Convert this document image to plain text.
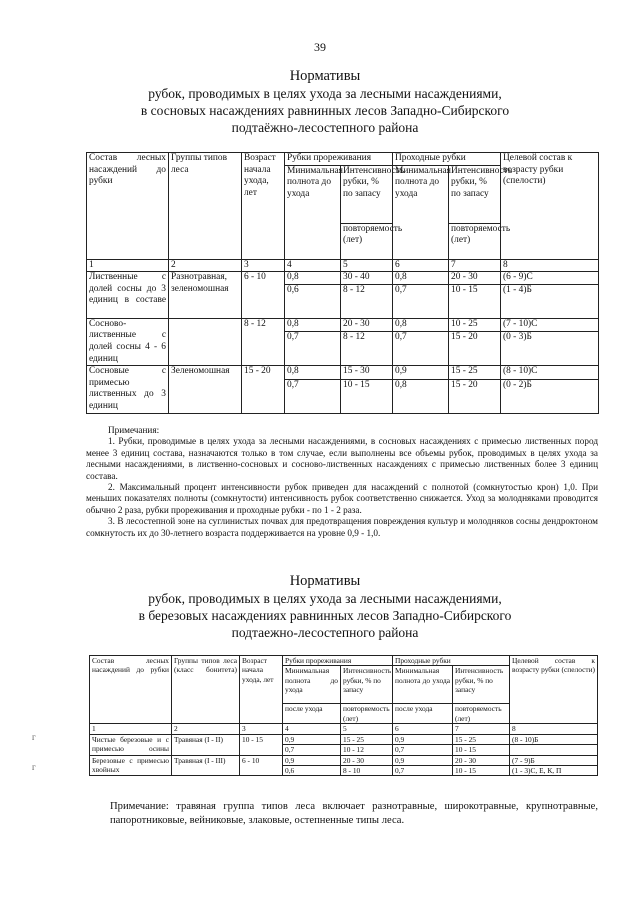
39
Нормативы
рубок, проводимых в целях ухода за лесными насаждениями,
в сосновых насаждениях равнинных лесов Западно-Сибирского
подтаёжно-лесостепного района
Состав лесных насаждений до рубки	Группы типов леса	Возраст начала ухода, лет	Рубки прореживания		Проходные рубки		Целевой состав к возрасту рубки (спелости)
			Минимальная полнота до ухода	Интенсивность рубки, % по запасу	Минимальная полнота до ухода	Интенсивность рубки, % по запасу	
				повторяемость (лет)		повторяемость (лет)	
1	2	3	4	5	6	7	8
Лиственные с долей сосны до 3 единиц в составе	Разнотравная, зеленомошная	6 - 10	0,8	30 - 40	0,8	20 - 30	(6 - 9)С
			0,6	8 - 12	0,7	10 - 15	(1 - 4)Б
Сосново-лиственные с долей сосны 4 - 6 единиц		8 - 12	0,8	20 - 30	0,8	10 - 25	(7 - 10)С
			0,7	8 - 12	0,7	15 - 20	(0 - 3)Б
Сосновые с примесью лиственных до 3 единиц	Зеленомошная	15 - 20	0,8	15 - 30	0,9	15 - 25	(8 - 10)С
			0,7	10 - 15	0,8	15 - 20	(0 - 2)Б

Примечания:

1. Рубки, проводимые в целях ухода за лесными насаждениями, в сосновых насаждениях с примесью лиственных пород менее 3 единиц состава, назначаются только в том случае, если выполнены все объемы рубок, проводимых в целях ухода за лесными насаждениями, в лиственно-сосновых и сосново-лиственных насаждениях с примесью лиственных более 3 единиц состава.

2. Максимальный процент интенсивности рубок приведен для насаждений с полнотой (сомкнутостью крон) 1,0. При меньших показателях полноты (сомкнутости) интенсивность рубок соответственно снижается. Уход за молодняками проводится обычно 2 раза, рубки прореживания и проходные рубки - по 1 - 2 раза.

3. В лесостепной зоне на суглинистых почвах для предотвращения повреждения культур и молодняков сосны дендроктоном сомкнутость их до 30-летнего возраста поддерживается на уровне 0,9 - 1,0.

Нормативы
рубок, проводимых в целях ухода за лесными насаждениями,
в березовых насаждениях равнинных лесов Западно-Сибирского
подтаежно-лесостепного района
Состав лесных насаждений до рубки	Группы типов леса (класс бонитета)	Возраст начала ухода, лет	Рубки прореживания		Проходные рубки		Целевой состав к возрасту рубки (спелости)
			Минимальная полнота до ухода	Интенсивность рубки, % по запасу	Минимальная полнота до ухода	Интенсивность рубки, % по запасу	
			после ухода	повторяемость (лет)	после ухода	повторяемость (лет)	
1	2	3	4	5	6	7	8
Чистые березовые и с примесью осины	Травяная (I - II)	10 - 15	0,9	15 - 25	0,9	15 - 25	(8 - 10)Б
			0,7	10 - 12	0,7	10 - 15	
Березовые с примесью хвойных	Травяная (I - III)	6 - 10	0,9	20 - 30	0,9	20 - 30	(7 - 9)Б
			0,6	8 - 10	0,7	10 - 15	(1 - 3)С, Е, К, П
Примечание: травяная группа типов леса включает разнотравные, широкотравные, крупнотравные, папоротниковые, вейниковые, злаковые, остепненные типы леса.
г
г
